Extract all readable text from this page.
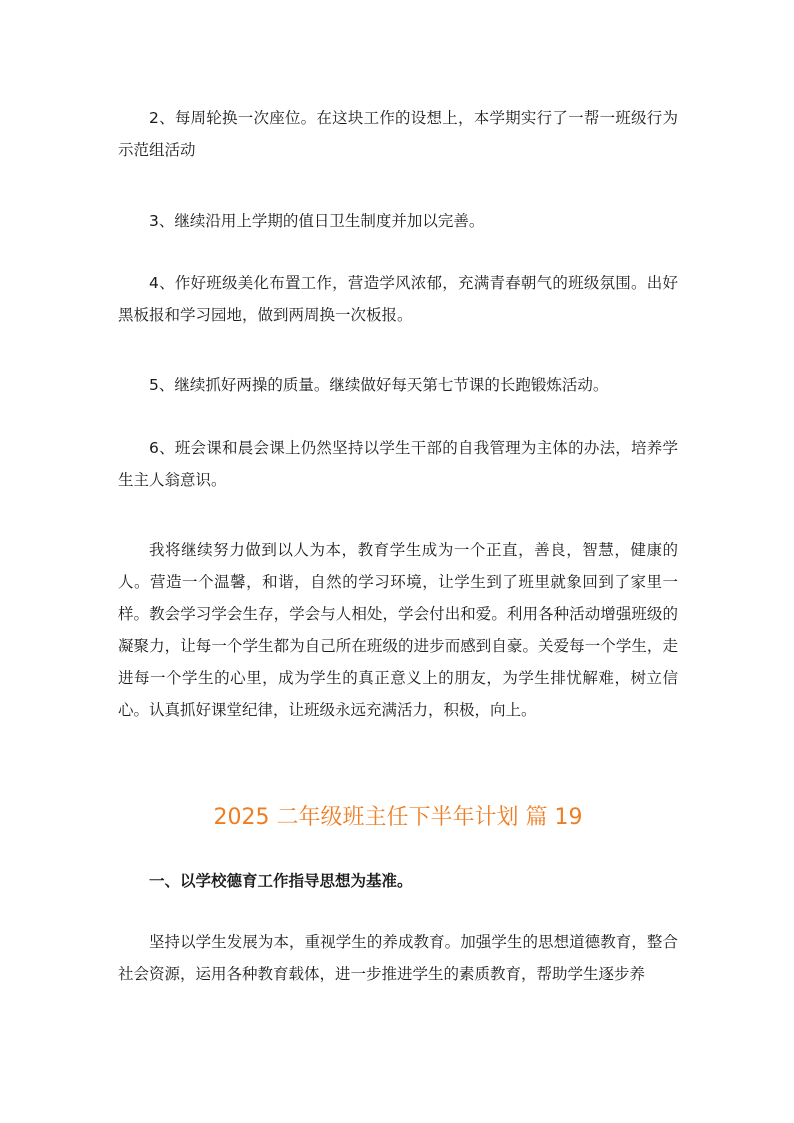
2、每周轮换一次座位。在这块工作的设想上，本学期实行了一帮一班级行为示范组活动

3、继续沿用上学期的值日卫生制度并加以完善。

4、作好班级美化布置工作，营造学风浓郁，充满青春朝气的班级氛围。出好黑板报和学习园地，做到两周换一次板报。

5、继续抓好两操的质量。继续做好每天第七节课的长跑锻炼活动。

6、班会课和晨会课上仍然坚持以学生干部的自我管理为主体的办法，培养学生主人翁意识。

我将继续努力做到以人为本，教育学生成为一个正直，善良，智慧，健康的人。营造一个温馨，和谐，自然的学习环境，让学生到了班里就象回到了家里一样。教会学习学会生存，学会与人相处，学会付出和爱。利用各种活动增强班级的凝聚力，让每一个学生都为自己所在班级的进步而感到自豪。关爱每一个学生，走进每一个学生的心里，成为学生的真正意义上的朋友，为学生排忧解难，树立信心。认真抓好课堂纪律，让班级永远充满活力，积极，向上。

2025 二年级班主任下半年计划 篇 19

一、以学校德育工作指导思想为基准。

坚持以学生发展为本，重视学生的养成教育。加强学生的思想道德教育，整合社会资源，运用各种教育载体，进一步推进学生的素质教育，帮助学生逐步养
